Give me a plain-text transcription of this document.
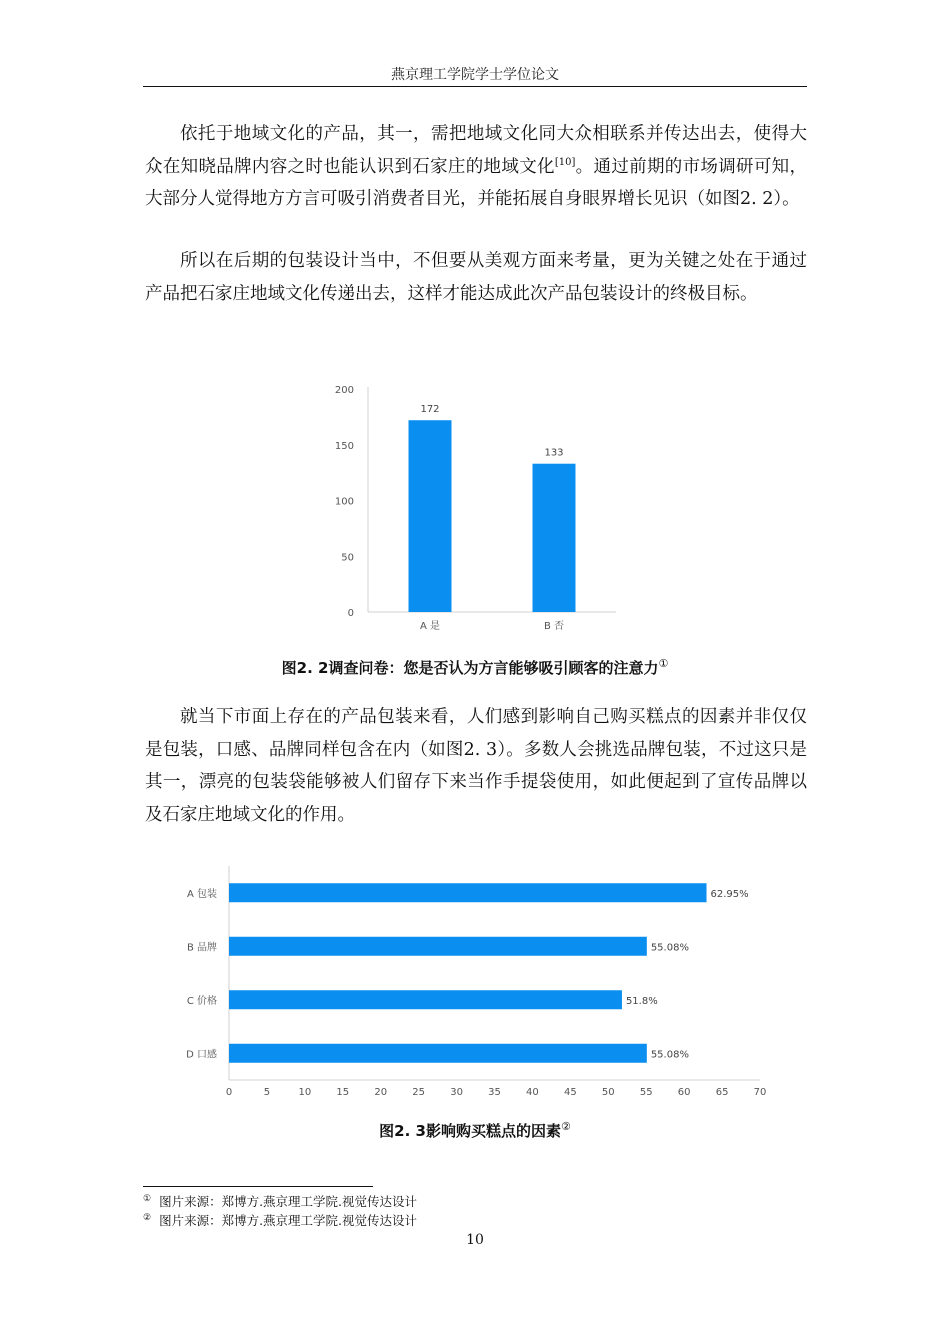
燕京理工学院学士学位论文

依托于地域文化的产品，其一，需把地域文化同大众相联系并传达出去，使得大众在知晓品牌内容之时也能认识到石家庄的地域文化[10]。通过前期的市场调研可知，大部分人觉得地方方言可吸引消费者目光，并能拓展自身眼界增长见识（如图2. 2）。

所以在后期的包装设计当中，不但要从美观方面来考量，更为关键之处在于通过产品把石家庄地域文化传递出去，这样才能达成此次产品包装设计的终极目标。

0
50
100
150
200
172
A 是
133
B 否
图2. 2调查问卷：您是否认为方言能够吸引顾客的注意力①

就当下市面上存在的产品包装来看，人们感到影响自己购买糕点的因素并非仅仅是包装，口感、品牌同样包含在内（如图2. 3）。多数人会挑选品牌包装，不过这只是其一，漂亮的包装袋能够被人们留存下来当作手提袋使用，如此便起到了宣传品牌以及石家庄地域文化的作用。

0	5	10	15	20	25	30	35	40	45	50	55	60	65	70
62.95%
A 包装
55.08%
B 品牌
51.8%
C 价格
55.08%
D 口感
图2. 3影响购买糕点的因素②
① 图片来源：郑博方.燕京理工学院.视觉传达设计
② 图片来源：郑博方.燕京理工学院.视觉传达设计
10
